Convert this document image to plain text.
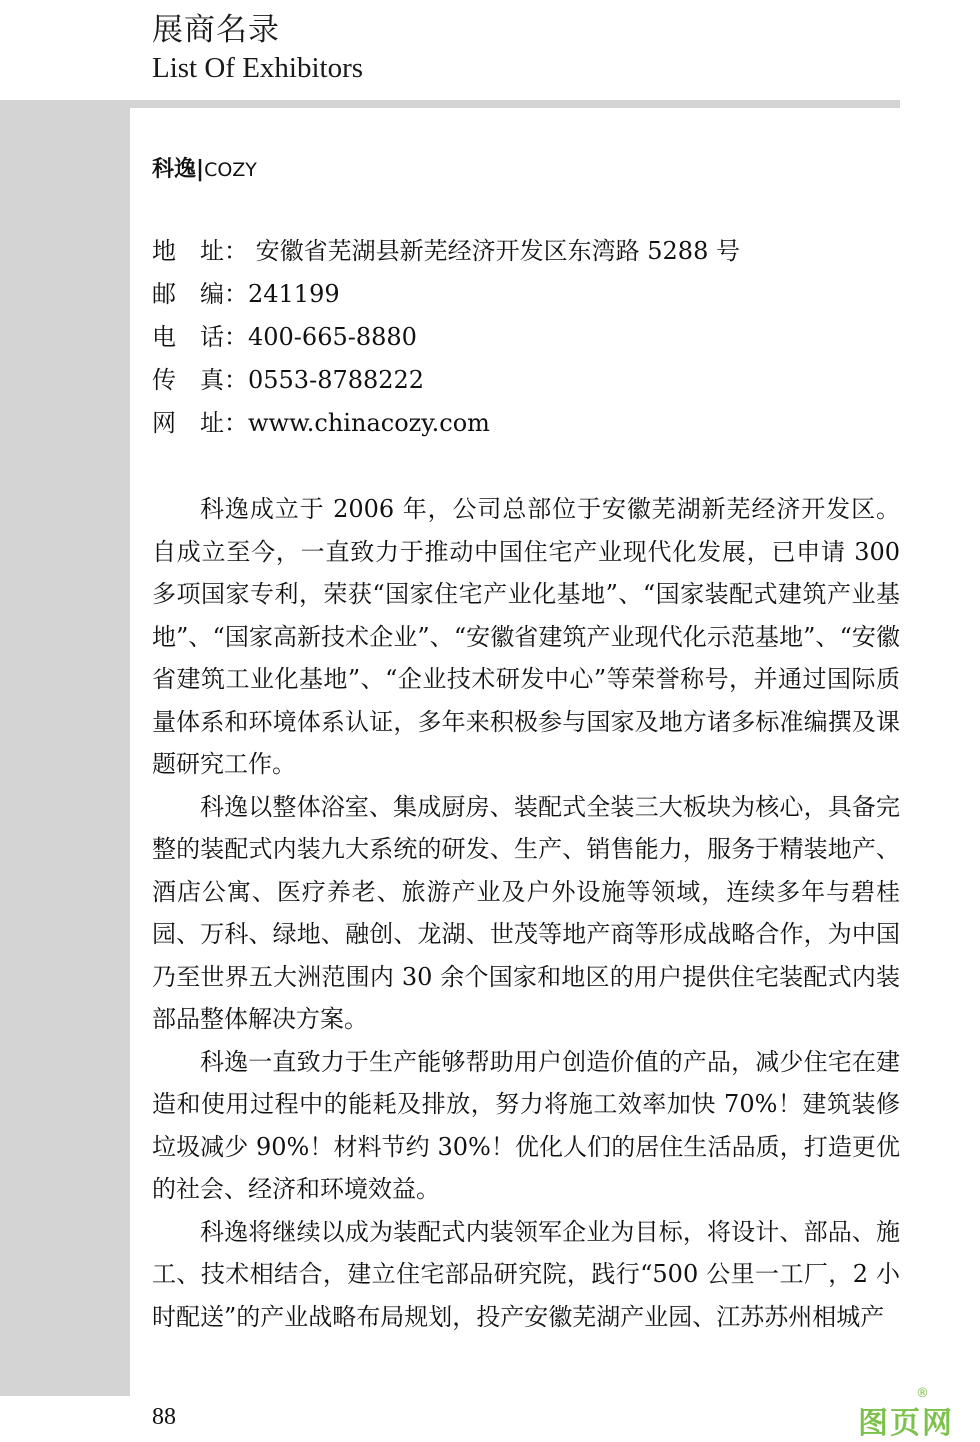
展商名录
List Of Exhibitors
科逸|COZY
地　址： 安徽省芜湖县新芜经济开发区东湾路 5288 号
邮　编：241199
电　话：400-665-8880
传　真：0553-8788222
网　址：www.chinacozy.com

科逸成立于 2006 年，公司总部位于安徽芜湖新芜经济开发区。自成立至今，一直致力于推动中国住宅产业现代化发展，已申请 300 多项国家专利，荣获“国家住宅产业化基地”、“国家装配式建筑产业基地”、“国家高新技术企业”、“安徽省建筑产业现代化示范基地”、“安徽省建筑工业化基地”、“企业技术研发中心”等荣誉称号，并通过国际质量体系和环境体系认证，多年来积极参与国家及地方诸多标准编撰及课题研究工作。

科逸以整体浴室、集成厨房、装配式全装三大板块为核心，具备完整的装配式内装九大系统的研发、生产、销售能力，服务于精装地产、酒店公寓、医疗养老、旅游产业及户外设施等领域，连续多年与碧桂园、万科、绿地、融创、龙湖、世茂等地产商等形成战略合作，为中国乃至世界五大洲范围内 30 余个国家和地区的用户提供住宅装配式内装部品整体解决方案。

科逸一直致力于生产能够帮助用户创造价值的产品，减少住宅在建造和使用过程中的能耗及排放，努力将施工效率加快 70%！建筑装修垃圾减少 90%！材料节约 30%！优化人们的居住生活品质，打造更优的社会、经济和环境效益。

科逸将继续以成为装配式内装领军企业为目标，将设计、部品、施工、技术相结合，建立住宅部品研究院，践行“500 公里一工厂，2 小时配送”的产业战略布局规划，投产安徽芜湖产业园、江苏苏州相城产

88	图页网
®
